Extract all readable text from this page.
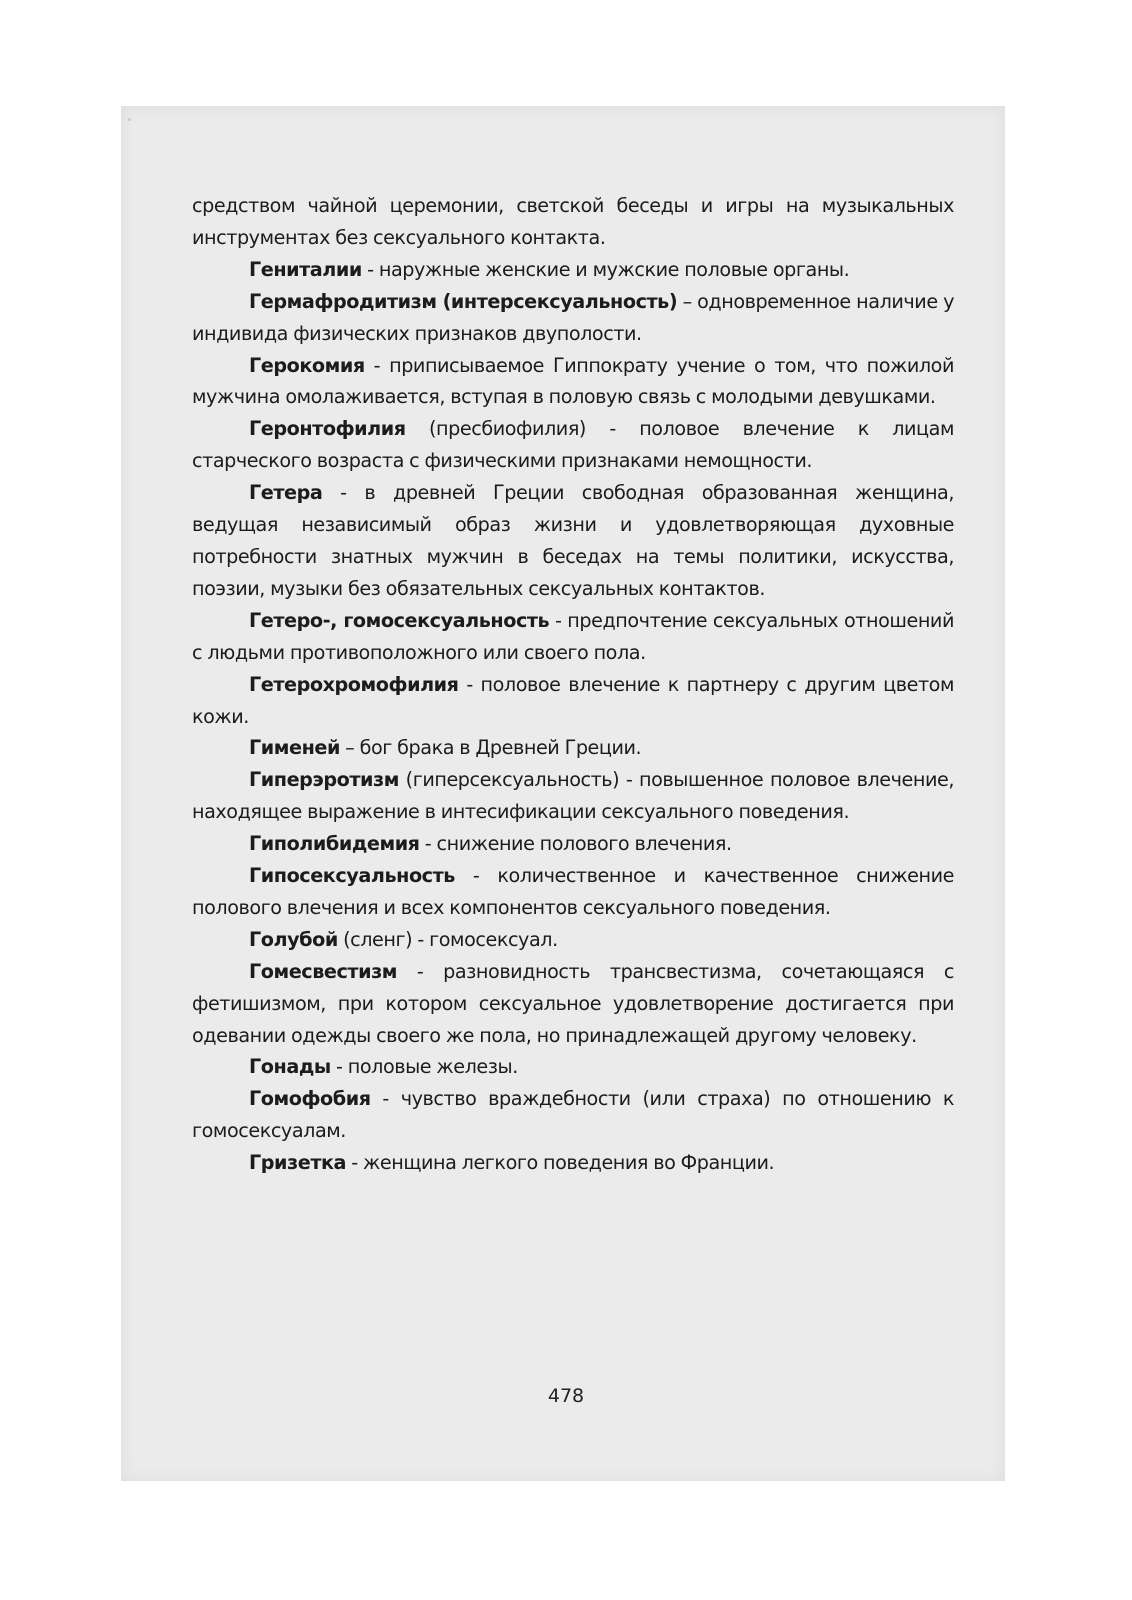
средством чайной церемонии, светской беседы и игры на музыкальных инструментах без сексуального контакта.

Гениталии - наружные женские и мужские половые органы.

Гермафродитизм (интерсексуальность) – одновременное наличие у индивида физических признаков двуполости.

Герокомия - приписываемое Гиппократу учение о том, что пожилой мужчина омолаживается, вступая в половую связь с молодыми девушками.

Геронтофилия (пресбиофилия) - половое влечение к лицам старческого возраста с физическими признаками немощности.

Гетера - в древней Греции свободная образованная женщина, ведущая независимый образ жизни и удовлетворяющая духовные потребности знатных мужчин в беседах на темы политики, искусства, поэзии, музыки без обязательных сексуальных контактов.

Гетеро-, гомосексуальность - предпочтение сексуальных отношений с людьми противоположного или своего пола.

Гетерохромофилия - половое влечение к партнеру с другим цветом кожи.

Гименей – бог брака в Древней Греции.

Гиперэротизм (гиперсексуальность) - повышенное половое влечение, находящее выражение в интесификации сексуального поведения.

Гиполибидемия - снижение полового влечения.

Гипосексуальность - количественное и качественное снижение полового влечения и всех компонентов сексуального поведения.

Голубой (сленг) - гомосексуал.

Гомесвестизм - разновидность трансвестизма, сочетающаяся с фетишизмом, при котором сексуальное удовлетворение достигается при одевании одежды своего же пола, но принадлежащей другому человеку.

Гонады - половые железы.

Гомофобия - чувство враждебности (или страха) по отношению к гомосексуалам.

Гризетка - женщина легкого поведения во Франции.

478
